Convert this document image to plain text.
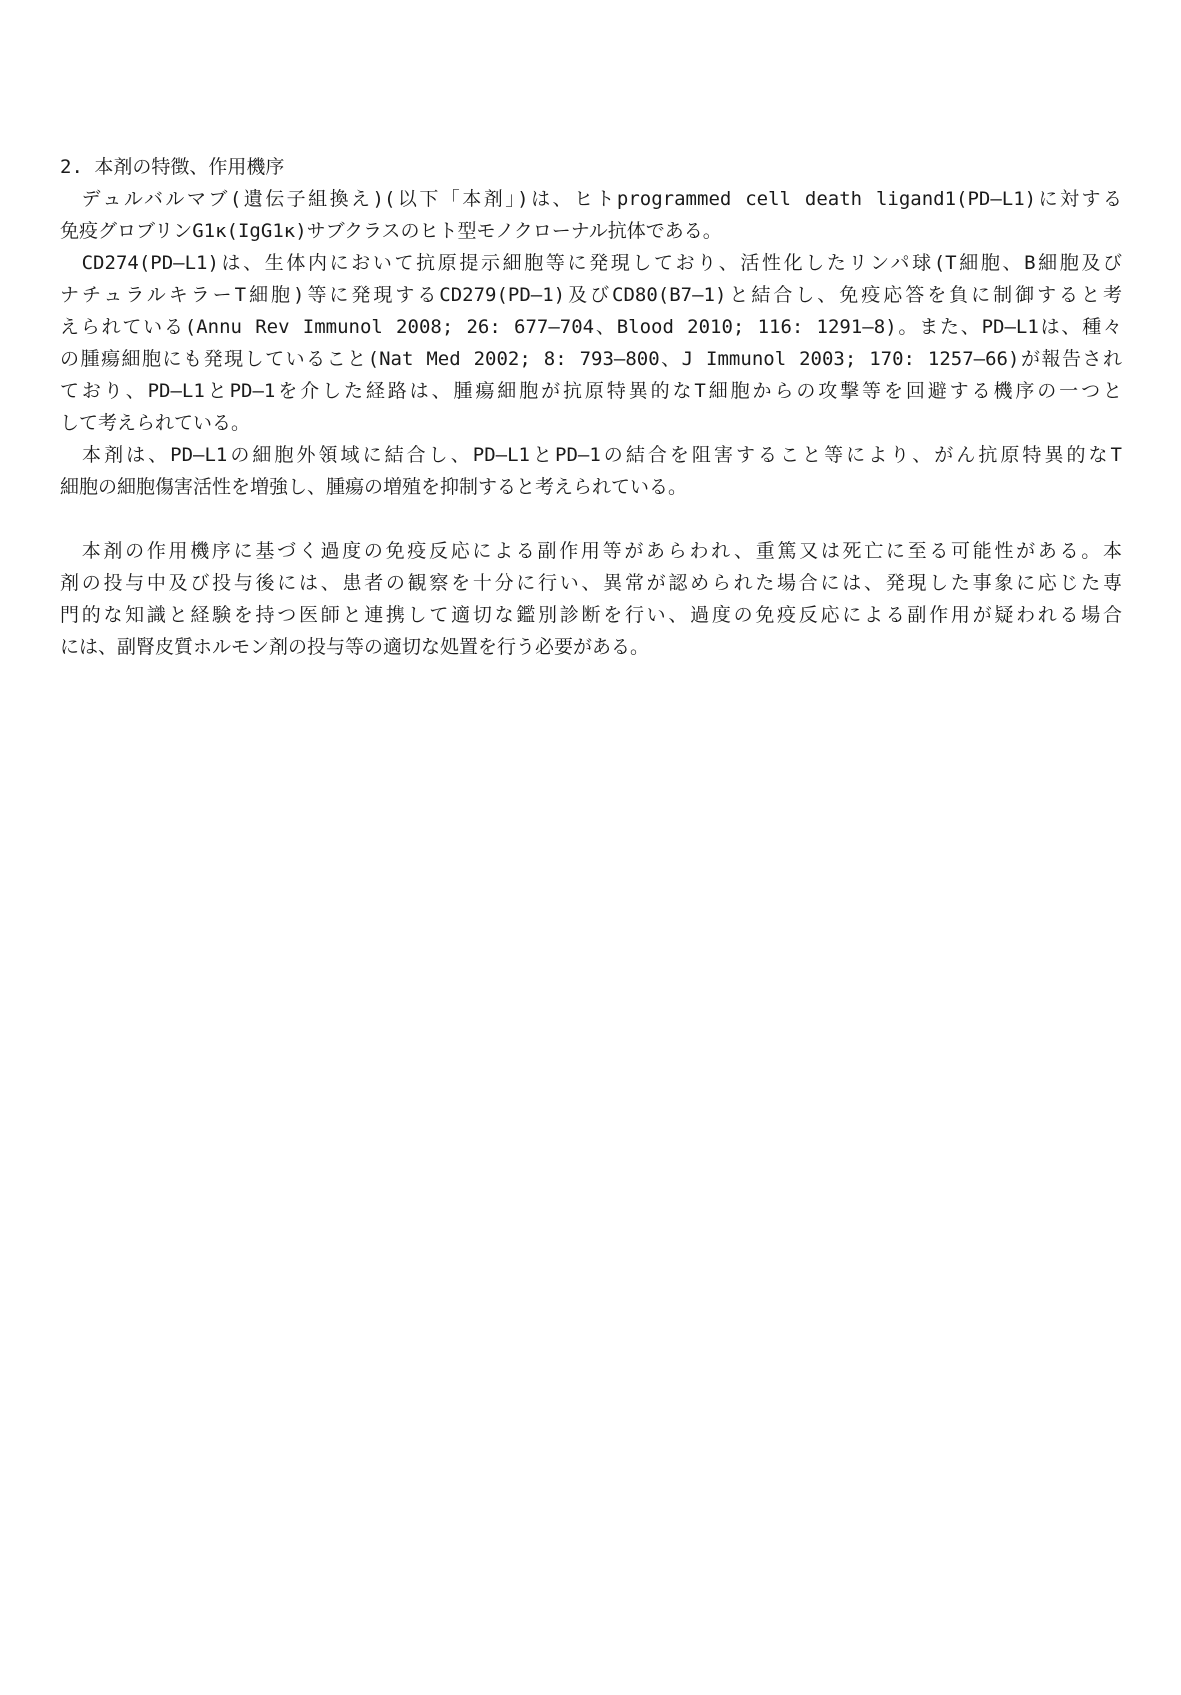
2. 本剤の特徴、作用機序
　デュルバルマブ(遺伝子組換え)(以下「本剤」)は、ヒトprogrammed cell death ligand1(PD―L1)に対する
免疫グロブリンG1κ(IgG1κ)サブクラスのヒト型モノクローナル抗体である。
　CD274(PD―L1)は、生体内において抗原提示細胞等に発現しており、活性化したリンパ球(T細胞、B細胞及び
ナチュラルキラーT細胞)等に発現するCD279(PD―1)及びCD80(B7―1)と結合し、免疫応答を負に制御すると考
えられている(Annu Rev Immunol 2008; 26: 677―704、Blood 2010; 116: 1291―8)。また、PD―L1は、種々
の腫瘍細胞にも発現していること(Nat Med 2002; 8: 793―800、J Immunol 2003; 170: 1257―66)が報告され
ており、PD―L1とPD―1を介した経路は、腫瘍細胞が抗原特異的なT細胞からの攻撃等を回避する機序の一つと
して考えられている。
　本剤は、PD―L1の細胞外領域に結合し、PD―L1とPD―1の結合を阻害すること等により、がん抗原特異的なT
細胞の細胞傷害活性を増強し、腫瘍の増殖を抑制すると考えられている。
　本剤の作用機序に基づく過度の免疫反応による副作用等があらわれ、重篤又は死亡に至る可能性がある。本
剤の投与中及び投与後には、患者の観察を十分に行い、異常が認められた場合には、発現した事象に応じた専
門的な知識と経験を持つ医師と連携して適切な鑑別診断を行い、過度の免疫反応による副作用が疑われる場合
には、副腎皮質ホルモン剤の投与等の適切な処置を行う必要がある。
